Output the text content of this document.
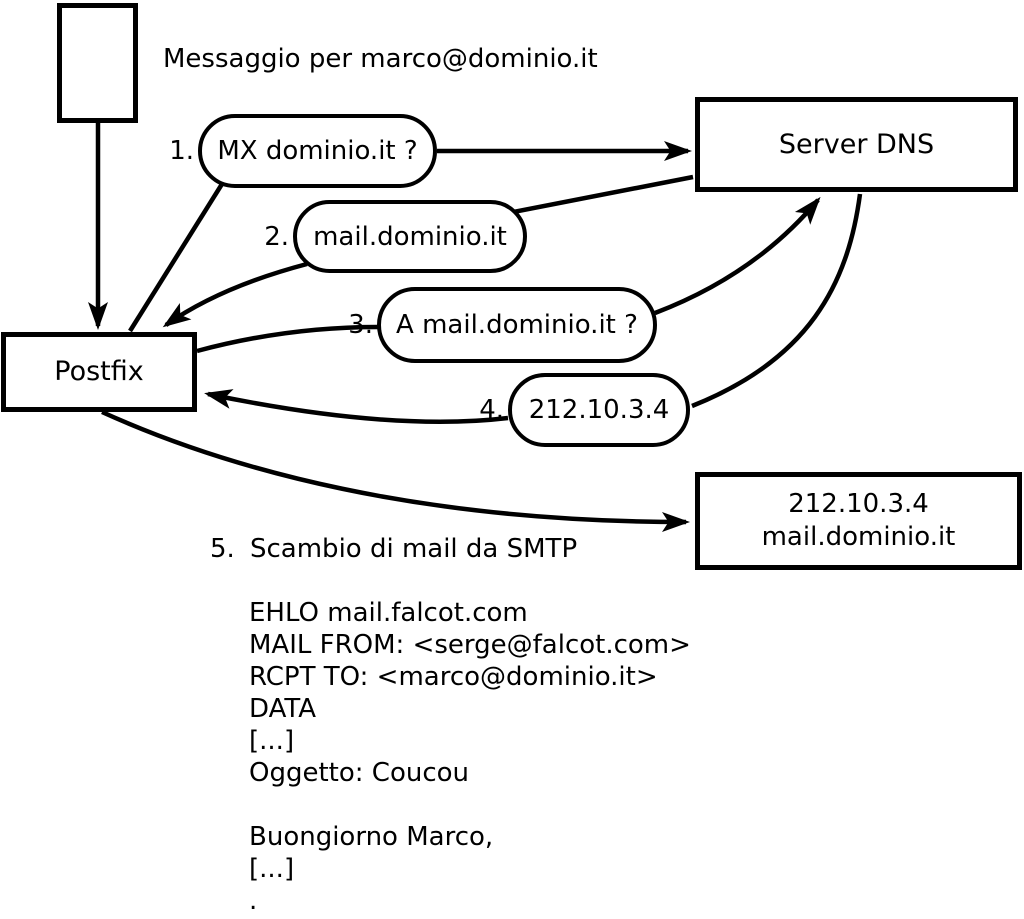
Messaggio per marco@dominio.it
Postfix
Server DNS
212.10.3.4
mail.dominio.it
1. MX dominio.it ?
2. mail.dominio.it
3. A mail.dominio.it ?
4. 212.10.3.4
5. Scambio di mail da SMTP
EHLO mail.falcot.com
MAIL FROM: <serge@falcot.com>
RCPT TO: <marco@dominio.it>
DATA
[...]
Oggetto: Coucou
Buongiorno Marco,
[...]
.
